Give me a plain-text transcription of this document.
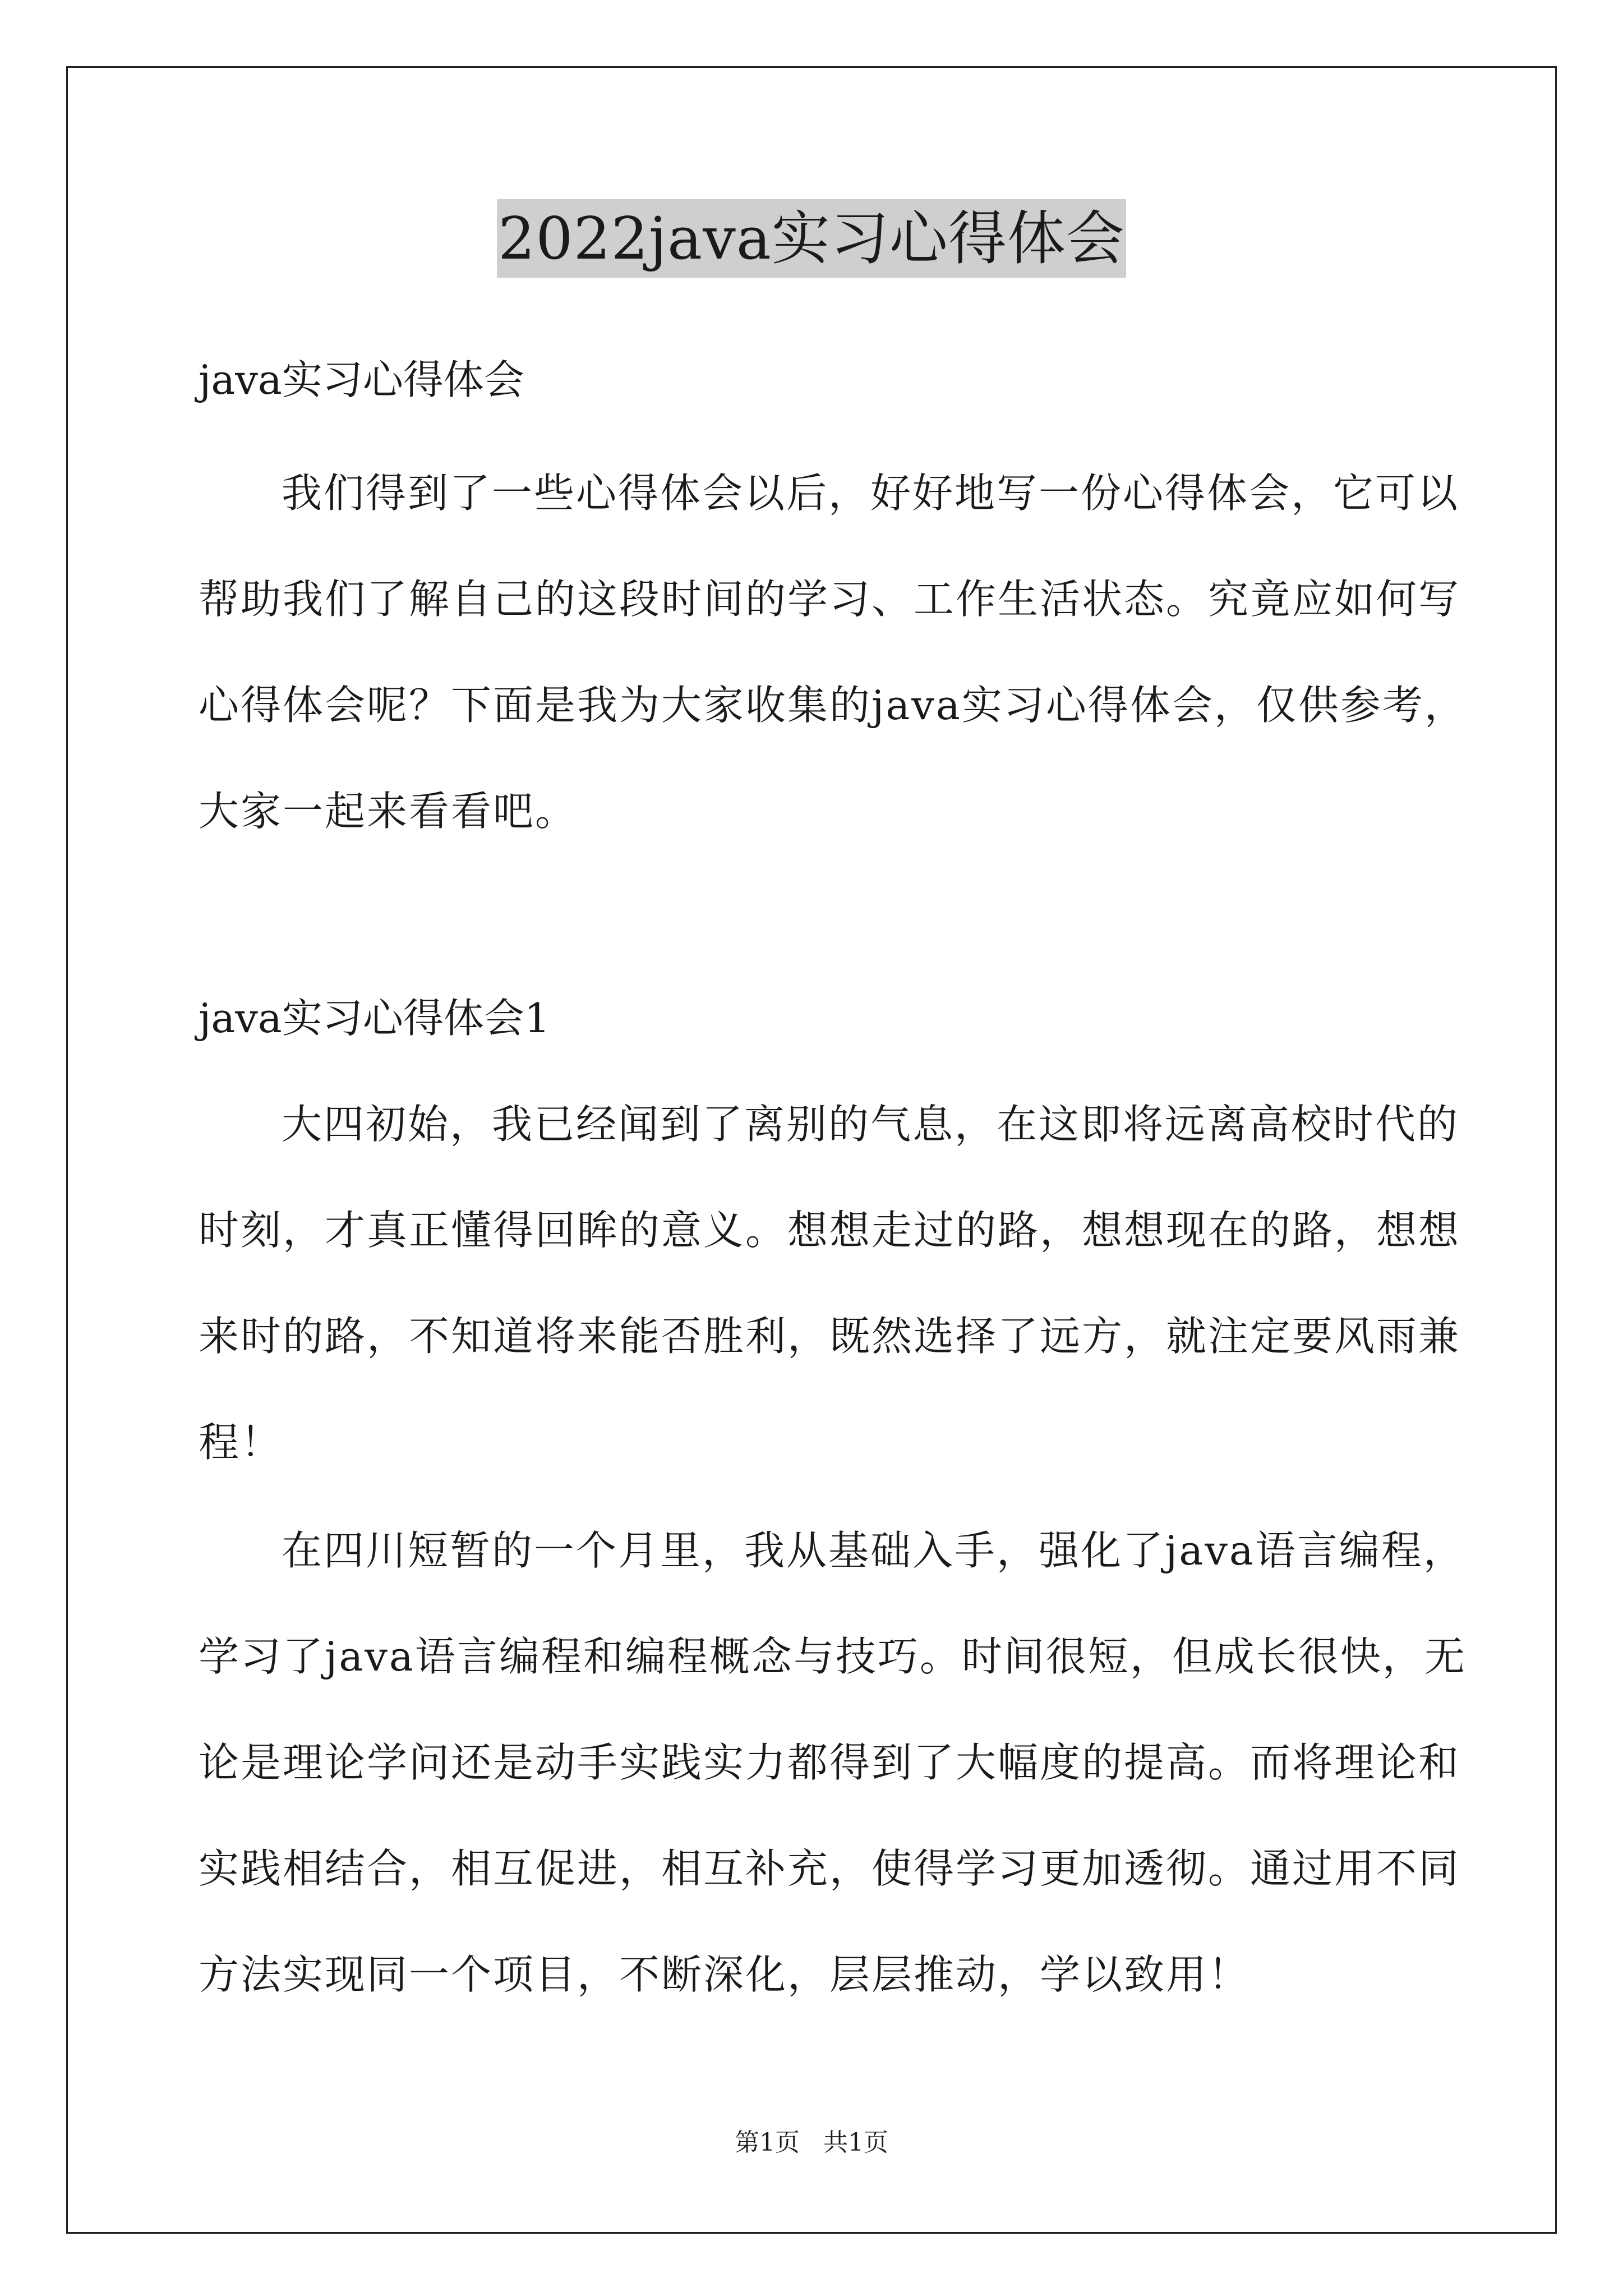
2022java实习心得体会
java实习心得体会

我们得到了一些心得体会以后，好好地写一份心得体会，它可以
帮助我们了解自己的这段时间的学习、工作生活状态。究竟应如何写
心得体会呢？下面是我为大家收集的java实习心得体会，仅供参考，
大家一起来看看吧。

java实习心得体会1

大四初始，我已经闻到了离别的气息，在这即将远离高校时代的
时刻，才真正懂得回眸的意义。想想走过的路，想想现在的路，想想
来时的路，不知道将来能否胜利，既然选择了远方，就注定要风雨兼
程！

在四川短暂的一个月里，我从基础入手，强化了java语言编程，
学习了java语言编程和编程概念与技巧。时间很短，但成长很快，无
论是理论学问还是动手实践实力都得到了大幅度的提高。而将理论和
实践相结合，相互促进，相互补充，使得学习更加透彻。通过用不同
方法实现同一个项目，不断深化，层层推动，学以致用！

第1页   共1页
